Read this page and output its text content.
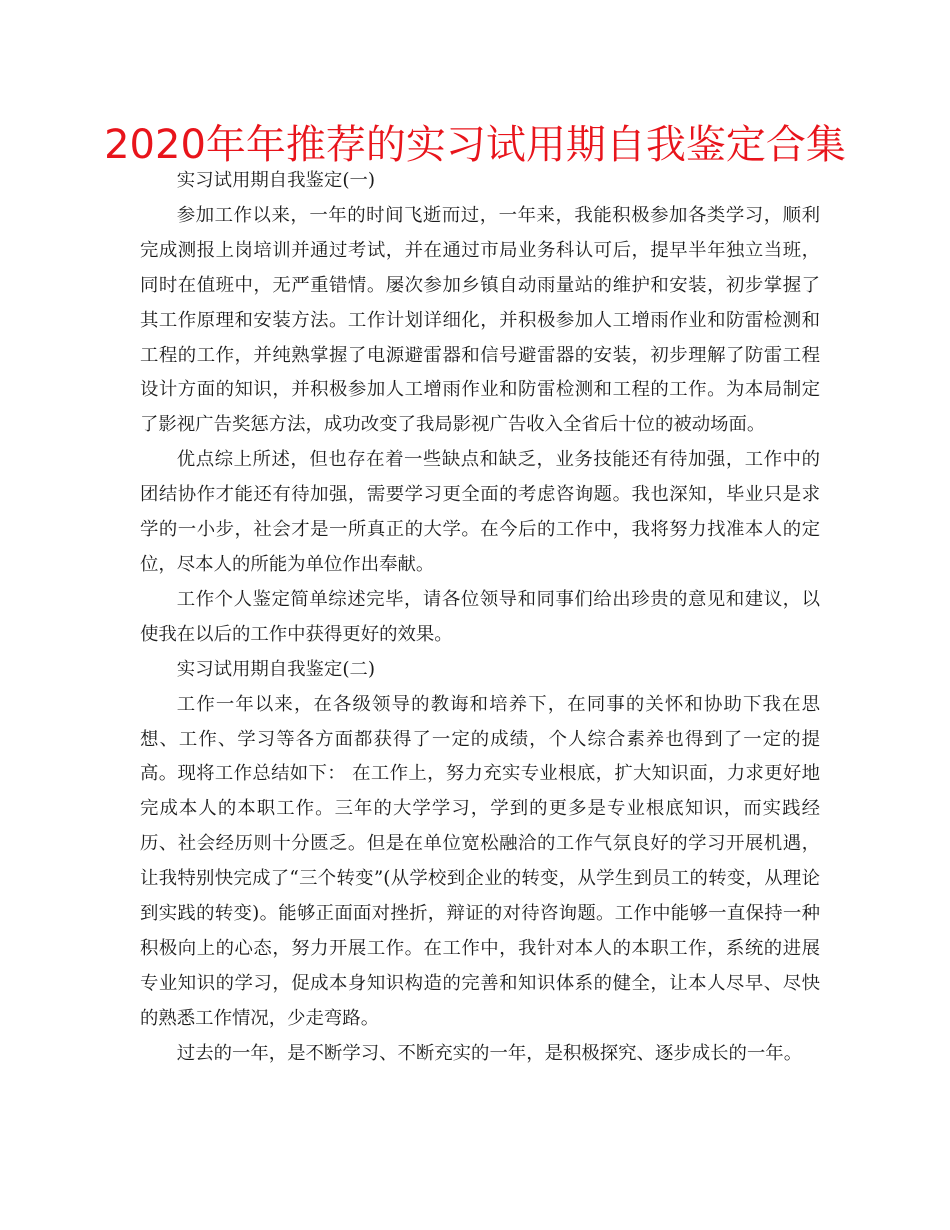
2020年年推荐的实习试用期自我鉴定合集

实习试用期自我鉴定(一)

参加工作以来，一年的时间飞逝而过，一年来，我能积极参加各类学习，顺利完成测报上岗培训并通过考试，并在通过市局业务科认可后，提早半年独立当班，同时在值班中，无严重错情。屡次参加乡镇自动雨量站的维护和安装，初步掌握了其工作原理和安装方法。工作计划详细化，并积极参加人工增雨作业和防雷检测和工程的工作，并纯熟掌握了电源避雷器和信号避雷器的安装，初步理解了防雷工程设计方面的知识，并积极参加人工增雨作业和防雷检测和工程的工作。为本局制定了影视广告奖惩方法，成功改变了我局影视广告收入全省后十位的被动场面。

优点综上所述，但也存在着一些缺点和缺乏，业务技能还有待加强，工作中的团结协作才能还有待加强，需要学习更全面的考虑咨询题。我也深知，毕业只是求学的一小步，社会才是一所真正的大学。在今后的工作中，我将努力找准本人的定位，尽本人的所能为单位作出奉献。

工作个人鉴定简单综述完毕，请各位领导和同事们给出珍贵的意见和建议，以使我在以后的工作中获得更好的效果。

实习试用期自我鉴定(二)

工作一年以来，在各级领导的教诲和培养下，在同事的关怀和协助下我在思想、工作、学习等各方面都获得了一定的成绩，个人综合素养也得到了一定的提高。现将工作总结如下： 在工作上，努力充实专业根底，扩大知识面，力求更好地完成本人的本职工作。三年的大学学习，学到的更多是专业根底知识，而实践经历、社会经历则十分匮乏。但是在单位宽松融洽的工作气氛良好的学习开展机遇，让我特别快完成了“三个转变”(从学校到企业的转变，从学生到员工的转变，从理论到实践的转变)。能够正面面对挫折，辩证的对待咨询题。工作中能够一直保持一种积极向上的心态，努力开展工作。在工作中，我针对本人的本职工作，系统的进展专业知识的学习，促成本身知识构造的完善和知识体系的健全，让本人尽早、尽快的熟悉工作情况，少走弯路。

过去的一年，是不断学习、不断充实的一年，是积极探究、逐步成长的一年。
